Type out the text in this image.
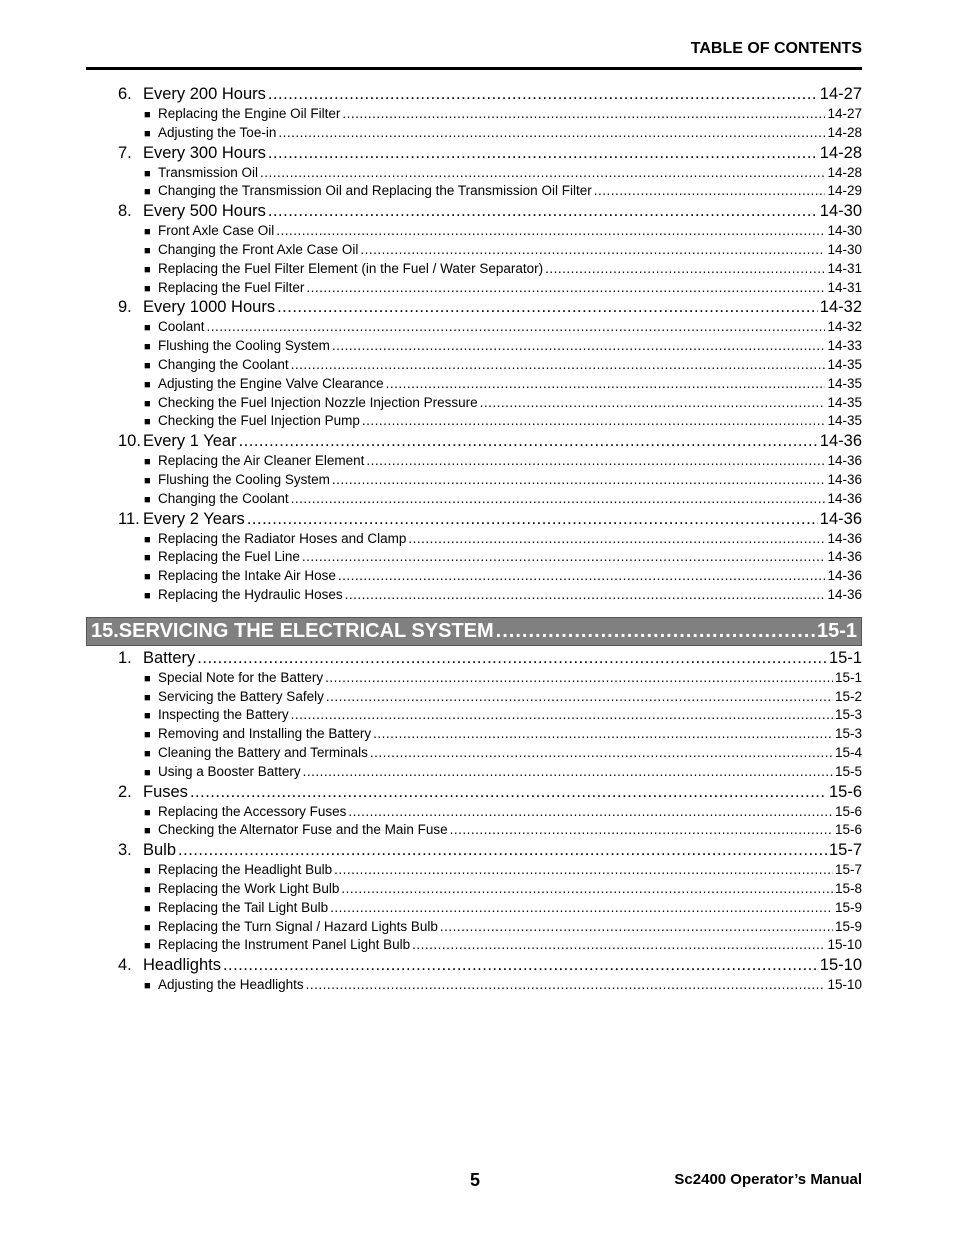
TABLE OF CONTENTS
6. Every 200 Hours .....	14-27
■ Replacing the Engine Oil Filter .....	14-27
■ Adjusting the Toe-in .....	14-28
7. Every 300 Hours .....	14-28
■ Transmission Oil .....	14-28
■ Changing the Transmission Oil and Replacing the Transmission Oil Filter .....	14-29
8. Every 500 Hours .....	14-30
■ Front Axle Case Oil .....	14-30
■ Changing the Front Axle Case Oil .....	14-30
■ Replacing the Fuel Filter Element (in the Fuel / Water Separator) .....	14-31
■ Replacing the Fuel Filter .....	14-31
9. Every 1000 Hours .....	14-32
■ Coolant .....	14-32
■ Flushing the Cooling System .....	14-33
■ Changing the Coolant .....	14-35
■ Adjusting the Engine Valve Clearance .....	14-35
■ Checking the Fuel Injection Nozzle Injection Pressure .....	14-35
■ Checking the Fuel Injection Pump .....	14-35
10. Every 1 Year .....	14-36
■ Replacing the Air Cleaner Element .....	14-36
■ Flushing the Cooling System .....	14-36
■ Changing the Coolant .....	14-36
11. Every 2 Years .....	14-36
■ Replacing the Radiator Hoses and Clamp .....	14-36
■ Replacing the Fuel Line .....	14-36
■ Replacing the Intake Air Hose .....	14-36
■ Replacing the Hydraulic Hoses .....	14-36
15.SERVICING THE ELECTRICAL SYSTEM .....	15-1
1. Battery .....	15-1
■ Special Note for the Battery .....	15-1
■ Servicing the Battery Safely .....	15-2
■ Inspecting the Battery .....	15-3
■ Removing and Installing the Battery .....	15-3
■ Cleaning the Battery and Terminals .....	15-4
■ Using a Booster Battery .....	15-5
2. Fuses .....	15-6
■ Replacing the Accessory Fuses .....	15-6
■ Checking the Alternator Fuse and the Main Fuse .....	15-6
3. Bulb .....	15-7
■ Replacing the Headlight Bulb .....	15-7
■ Replacing the Work Light Bulb .....	15-8
■ Replacing the Tail Light Bulb .....	15-9
■ Replacing the Turn Signal / Hazard Lights Bulb .....	15-9
■ Replacing the Instrument Panel Light Bulb .....	15-10
4. Headlights .....	15-10
■ Adjusting the Headlights .....	15-10
5	Sc2400 Operator’s Manual
